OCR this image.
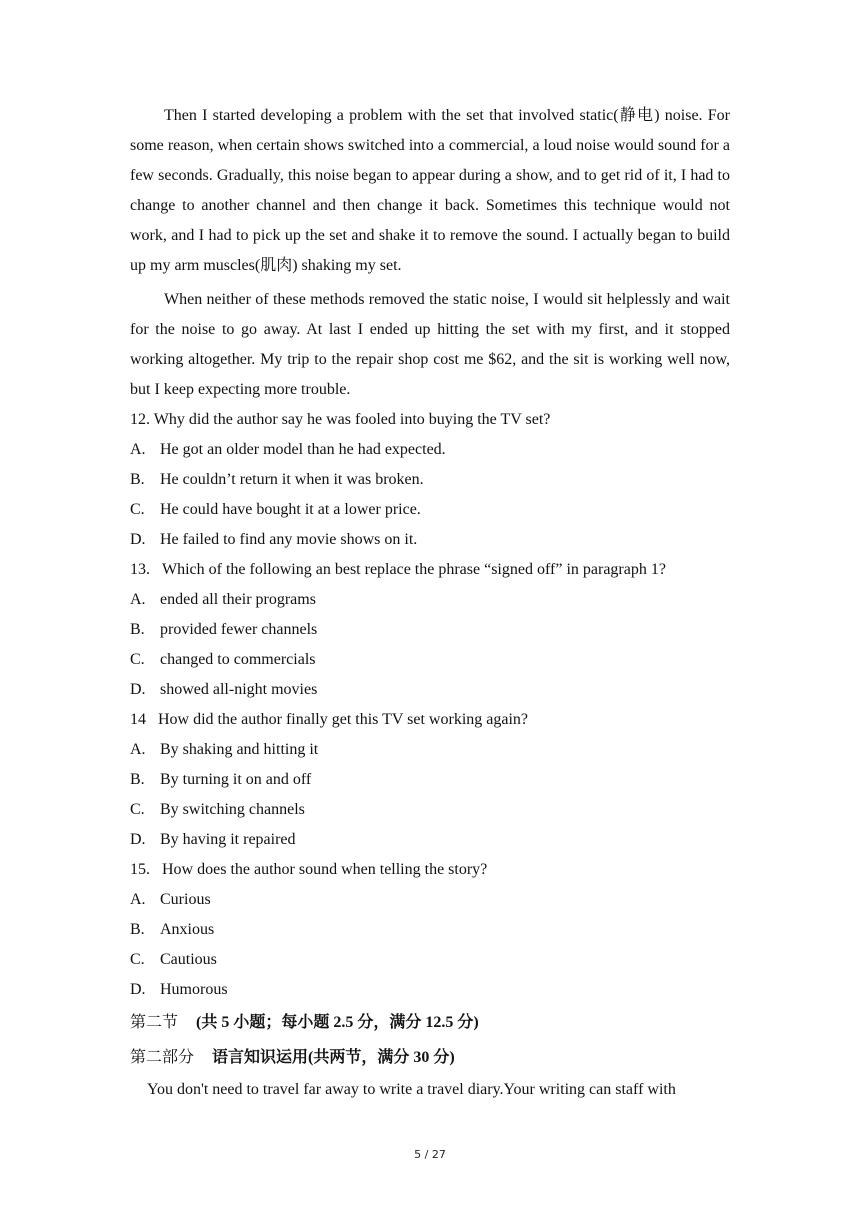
Then I started developing a problem with the set that involved static(静电) noise. For some reason, when certain shows switched into a commercial, a loud noise would sound for a few seconds. Gradually, this noise began to appear during a show, and to get rid of it, I had to change to another channel and then change it back. Sometimes this technique would not work, and I had to pick up the set and shake it to remove the sound. I actually began to build up my arm muscles(肌肉) shaking my set.

When neither of these methods removed the static noise, I would sit helplessly and wait for the noise to go away. At last I ended up hitting the set with my first, and it stopped working altogether. My trip to the repair shop cost me $62, and the sit is working well now, but I keep expecting more trouble.

12. Why did the author say he was fooled into buying the TV set?

A. He got an older model than he had expected.

B. He couldn’t return it when it was broken.

C. He could have bought it at a lower price.

D. He failed to find any movie shows on it.

13.   Which of the following an best replace the phrase “signed off” in paragraph 1?

A. ended all their programs

B. provided fewer channels

C. changed to commercials

D. showed all-night movies

14   How did the author finally get this TV set working again?

A. By shaking and hitting it

B. By turning it on and off

C. By switching channels

D. By having it repaired

15.   How does the author sound when telling the story?

A. Curious

B. Anxious

C. Cautious

D. Humorous

第二节 (共 5 小题；每小题 2.5 分，满分 12.5 分)

第二部分 语言知识运用(共两节，满分 30 分)

You don't need to travel far away to write a travel diary.Your writing can staff with

5 / 27
